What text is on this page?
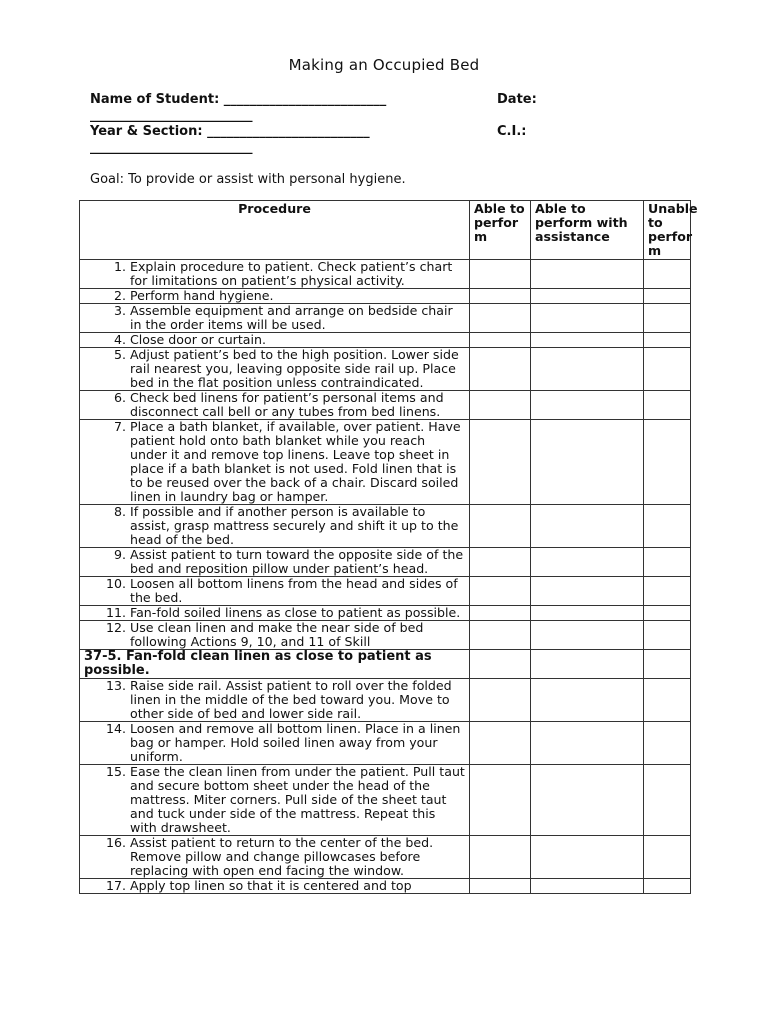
Making an Occupied Bed
Name of Student: _________________________	Date:
_________________________
Year & Section: _________________________	C.I.:
_________________________
Goal: To provide or assist with personal hygiene.
Procedure	Able to perfor m	Able to perform with assistance	Unable to perfor m

1. Explain procedure to patient. Check patient’s chart for limitations on patient’s physical activity.			

2. Perform hand hygiene.			

3. Assemble equipment and arrange on bedside chair in the order items will be used.			

4. Close door or curtain.			

5. Adjust patient’s bed to the high position. Lower side rail nearest you, leaving opposite side rail up. Place bed in the flat position unless contraindicated.			

6. Check bed linens for patient’s personal items and disconnect call bell or any tubes from bed linens.			

7. Place a bath blanket, if available, over patient. Have patient hold onto bath blanket while you reach under it and remove top linens. Leave top sheet in place if a bath blanket is not used. Fold linen that is to be reused over the back of a chair. Discard soiled linen in laundry bag or hamper.			

8. If possible and if another person is available to assist, grasp mattress securely and shift it up to the head of the bed.			

9. Assist patient to turn toward the opposite side of the bed and reposition pillow under patient’s head.			

10. Loosen all bottom linens from the head and sides of the bed.			

11. Fan-fold soiled linens as close to patient as possible.			

12. Use clean linen and make the near side of bed following Actions 9, 10, and 11 of Skill			

37-5. Fan-fold clean linen as close to patient as possible.			

13. Raise side rail. Assist patient to roll over the folded linen in the middle of the bed toward you. Move to other side of bed and lower side rail.			

14. Loosen and remove all bottom linen. Place in a linen bag or hamper. Hold soiled linen away from your uniform.			

15. Ease the clean linen from under the patient. Pull taut and secure bottom sheet under the head of the mattress. Miter corners. Pull side of the sheet taut and tuck under side of the mattress. Repeat this with drawsheet.			

16. Assist patient to return to the center of the bed. Remove pillow and change pillowcases before replacing with open end facing the window.			

17. Apply top linen so that it is centered and top			
